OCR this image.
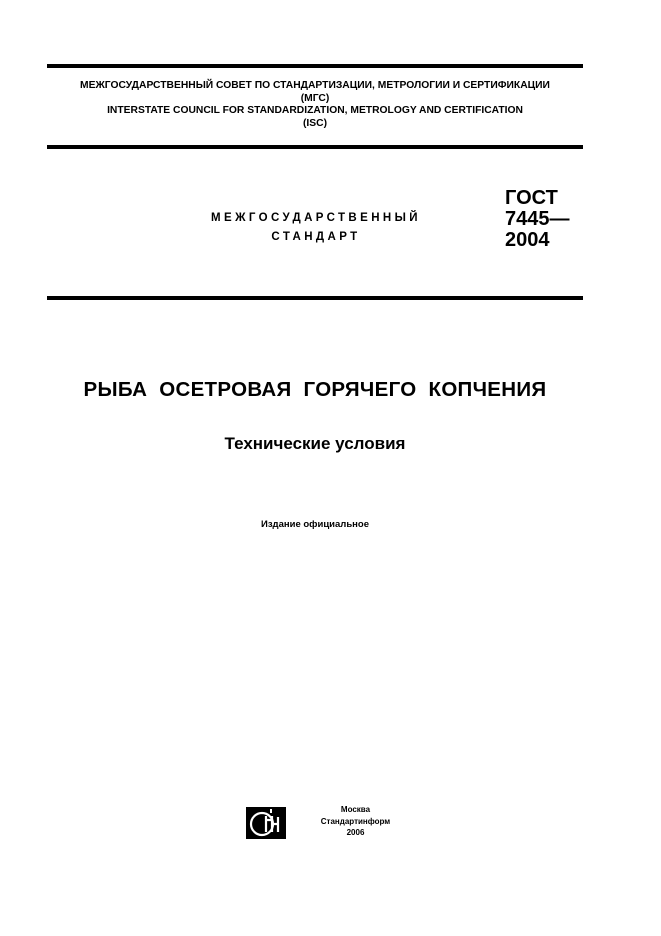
МЕЖГОСУДАРСТВЕННЫЙ СОВЕТ ПО СТАНДАРТИЗАЦИИ, МЕТРОЛОГИИ И СЕРТИФИКАЦИИ
(МГС)
INTERSTATE COUNCIL FOR STANDARDIZATION, METROLOGY AND CERTIFICATION
(ISC)
МЕЖГОСУДАРСТВЕННЫЙ
СТАНДАРТ
ГОСТ
7445—
2004
РЫБА ОСЕТРОВАЯ ГОРЯЧЕГО КОПЧЕНИЯ
Технические условия
Издание официальное
Москва
Стандартинформ
2006
